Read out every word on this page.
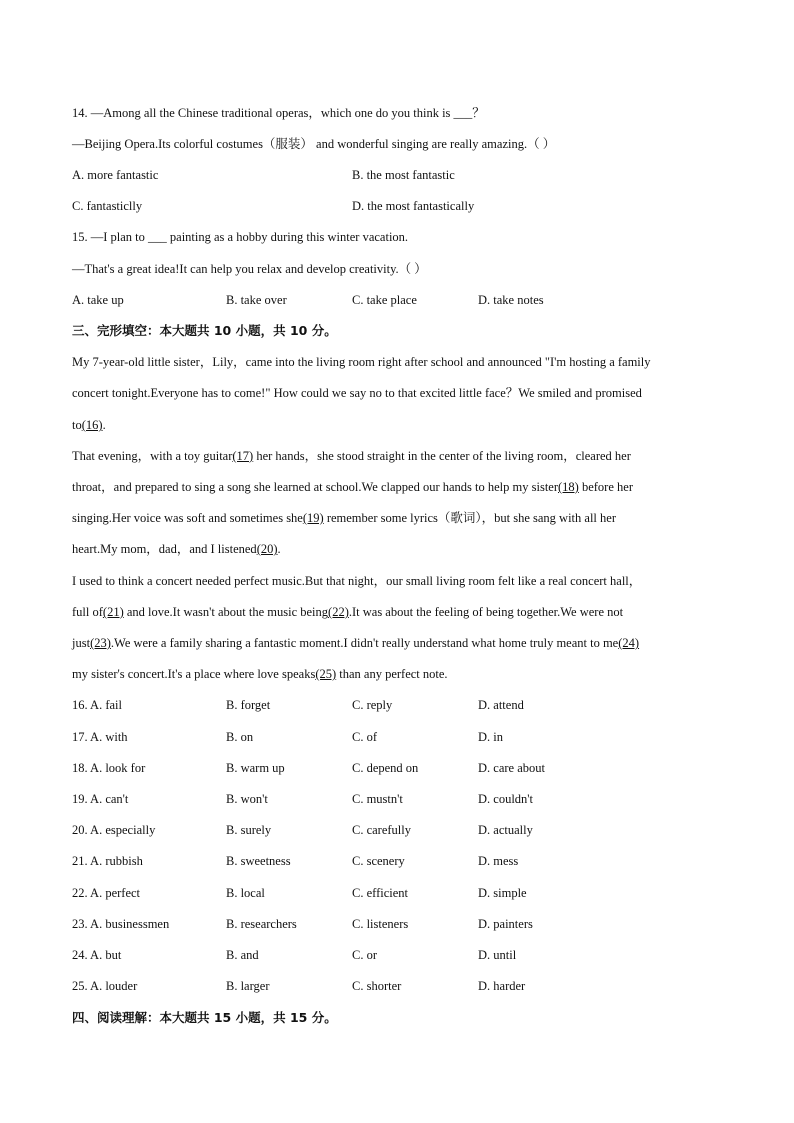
14. —Among all the Chinese traditional operas，which one do you think is ___？
—Beijing Opera.Its colorful costumes（服装） and wonderful singing are really amazing.（ ）
A. more fantastic	B. the most fantastic
C. fantasticlly	D. the most fantastically
15. —I plan to ___ painting as a hobby during this winter vacation.
—That's a great idea!It can help you relax and develop creativity.（ ）
A. take up	B. take over	C. take place	D. take notes
三、完形填空：本大题共 10 小题，共 10 分。
My 7-year-old little sister，Lily，came into the living room right after school and announced "I'm hosting a family
concert tonight.Everyone has to come!" How could we say no to that excited little face？We smiled and promised
to(16).
That evening，with a toy guitar(17) her hands，she stood straight in the center of the living room，cleared her
throat，and prepared to sing a song she learned at school.We clapped our hands to help my sister(18) before her
singing.Her voice was soft and sometimes she(19) remember some lyrics（歌词），but she sang with all her
heart.My mom，dad，and I listened(20).
I used to think a concert needed perfect music.But that night，our small living room felt like a real concert hall，
full of(21) and love.It wasn't about the music being(22).It was about the feeling of being together.We were not
just(23).We were a family sharing a fantastic moment.I didn't really understand what home truly meant to me(24)
my sister's concert.It's a place where love speaks(25) than any perfect note.
16. A. fail	B. forget	C. reply	D. attend
17. A. with	B. on	C. of	D. in
18. A. look for	B. warm up	C. depend on	D. care about
19. A. can't	B. won't	C. mustn't	D. couldn't
20. A. especially	B. surely	C. carefully	D. actually
21. A. rubbish	B. sweetness	C. scenery	D. mess
22. A. perfect	B. local	C. efficient	D. simple
23. A. businessmen	B. researchers	C. listeners	D. painters
24. A. but	B. and	C. or	D. until
25. A. louder	B. larger	C. shorter	D. harder
四、阅读理解：本大题共 15 小题，共 15 分。
